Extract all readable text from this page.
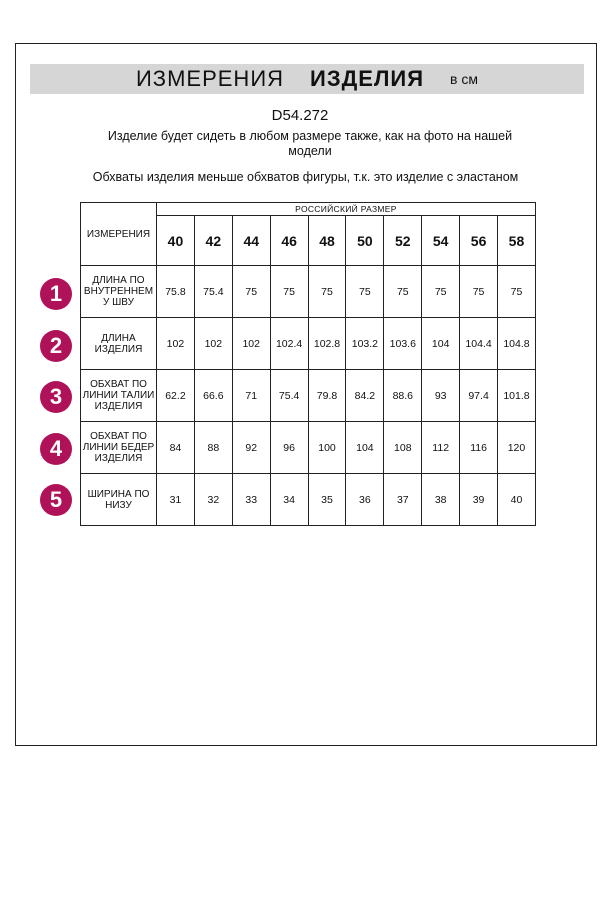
ИЗМЕРЕНИЯ ИЗДЕЛИЯ в см
D54.272
Изделие будет сидеть в любом размере также, как на фото на нашей модели
Обхваты изделия меньше обхватов фигуры, т.к. это изделие с эластаном
ИЗМЕРЕНИЯ	РОССИЙСКИЙ РАЗМЕР									
	40	42	44	46	48	50	52	54	56	58
ДЛИНА ПО ВНУТРЕННЕМ У ШВУ	75.8	75.4	75	75	75	75	75	75	75	75
ДЛИНА ИЗДЕЛИЯ	102	102	102	102.4	102.8	103.2	103.6	104	104.4	104.8
ОБХВАТ ПО ЛИНИИ ТАЛИИ ИЗДЕЛИЯ	62.2	66.6	71	75.4	79.8	84.2	88.6	93	97.4	101.8
ОБХВАТ ПО ЛИНИИ БЕДЕР ИЗДЕЛИЯ	84	88	92	96	100	104	108	112	116	120
ШИРИНА ПО НИЗУ	31	32	33	34	35	36	37	38	39	40
1
2
3
4
5
